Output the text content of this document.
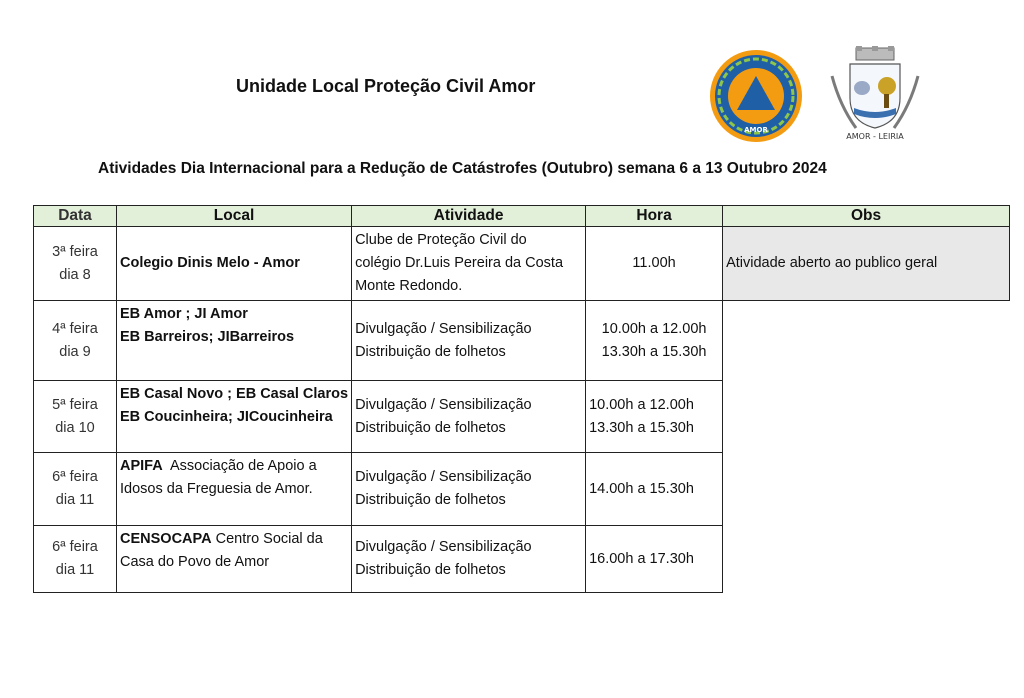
Unidade Local Proteção Civil Amor
AMOR
AMOR - LEIRIA
Atividades Dia Internacional para a Redução de Catástrofes (Outubro) semana 6 a 13 Outubro 2024
Data	Local	Atividade	Hora	Obs

3ª feira
dia 8	Colegio Dinis Melo - Amor	Clube de Proteção Civil do
colégio Dr.Luis Pereira da Costa
Monte Redondo.	11.00h	Atividade aberto ao publico geral

4ª feira
dia 9	EB Amor ; JI Amor
EB Barreiros; JIBarreiros	Divulgação / Sensibilização
Distribuição de folhetos	10.00h a 12.00h
13.30h a 15.30h	

5ª feira
dia 10	EB Casal Novo ; EB Casal Claros
EB Coucinheira; JICoucinheira	Divulgação / Sensibilização
Distribuição de folhetos	10.00h a 12.00h
13.30h a 15.30h	

6ª feira
dia 11	APIFA  Associação de Apoio a
Idosos da Freguesia de Amor.	Divulgação / Sensibilização
Distribuição de folhetos	14.00h a 15.30h	

6ª feira
dia 11	CENSOCAPA Centro Social da
Casa do Povo de Amor	Divulgação / Sensibilização
Distribuição de folhetos	16.00h a 17.30h	
